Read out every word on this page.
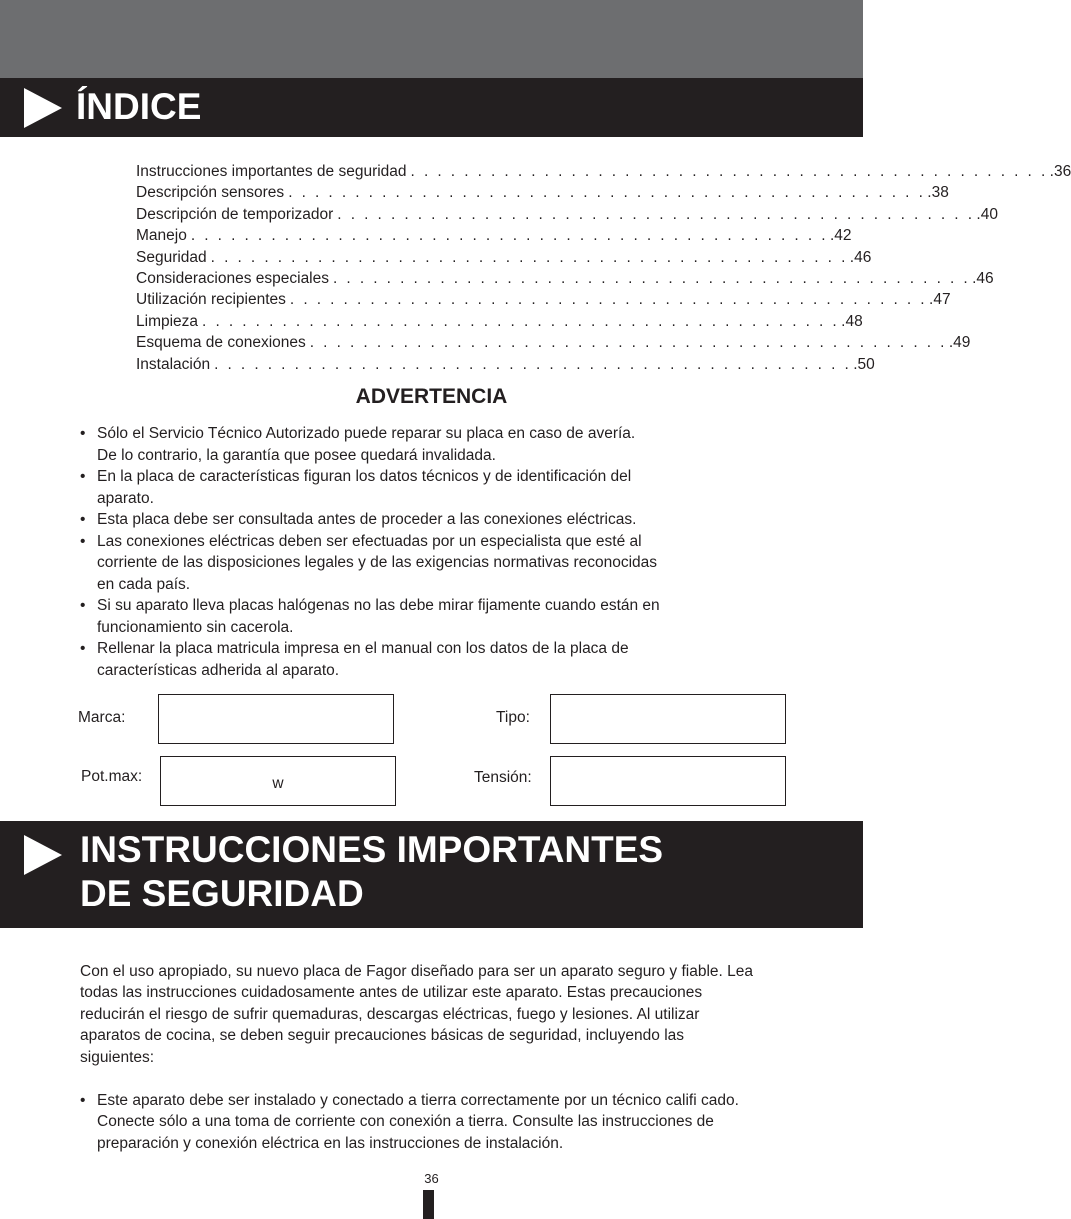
ÍNDICE
Instrucciones importantes de seguridad . . . . . . . . . . . . . . . . . . . . . . . . . . . . . . . . . . . . . . . . . . . . . . . . .36
Descripción sensores . . . . . . . . . . . . . . . . . . . . . . . . . . . . . . . . . . . . . . . . . . . . . . . . .38
Descripción de temporizador . . . . . . . . . . . . . . . . . . . . . . . . . . . . . . . . . . . . . . . . . . . . . . . . .40
Manejo . . . . . . . . . . . . . . . . . . . . . . . . . . . . . . . . . . . . . . . . . . . . . . . . .42
Seguridad . . . . . . . . . . . . . . . . . . . . . . . . . . . . . . . . . . . . . . . . . . . . . . . . .46
Consideraciones especiales . . . . . . . . . . . . . . . . . . . . . . . . . . . . . . . . . . . . . . . . . . . . . . . . .46
Utilización recipientes . . . . . . . . . . . . . . . . . . . . . . . . . . . . . . . . . . . . . . . . . . . . . . . . .47
Limpieza . . . . . . . . . . . . . . . . . . . . . . . . . . . . . . . . . . . . . . . . . . . . . . . . .48
Esquema de conexiones . . . . . . . . . . . . . . . . . . . . . . . . . . . . . . . . . . . . . . . . . . . . . . . . .49
Instalación . . . . . . . . . . . . . . . . . . . . . . . . . . . . . . . . . . . . . . . . . . . . . . . . .50
ADVERTENCIA
• Sólo el Servicio Técnico Autorizado puede reparar su placa en caso de avería.
De lo contrario, la garantía que posee quedará invalidada.
• En la placa de características figuran los datos técnicos y de identificación del
aparato.
• Esta placa debe ser consultada antes de proceder a las conexiones eléctricas.
• Las conexiones eléctricas deben ser efectuadas por un especialista que esté al
corriente de las disposiciones legales y de las exigencias normativas reconocidas
en cada país.
• Si su aparato lleva placas halógenas no las debe mirar fijamente cuando están en
funcionamiento sin cacerola.
• Rellenar la placa matricula impresa en el manual con los datos de la placa de
características adherida al aparato.
Marca:	Tipo:
Pot.max:	w	Tensión:
INSTRUCCIONES IMPORTANTES
DE SEGURIDAD

Con el uso apropiado, su nuevo placa de Fagor diseñado para ser un aparato seguro y fiable. Lea
todas las instrucciones cuidadosamente antes de utilizar este aparato. Estas precauciones
reducirán el riesgo de sufrir quemaduras, descargas eléctricas, fuego y lesiones. Al utilizar
aparatos de cocina, se deben seguir precauciones básicas de seguridad, incluyendo las
siguientes:

• Este aparato debe ser instalado y conectado a tierra correctamente por un técnico califi cado.
Conecte sólo a una toma de corriente con conexión a tierra. Consulte las instrucciones de
preparación y conexión eléctrica en las instrucciones de instalación.
36
